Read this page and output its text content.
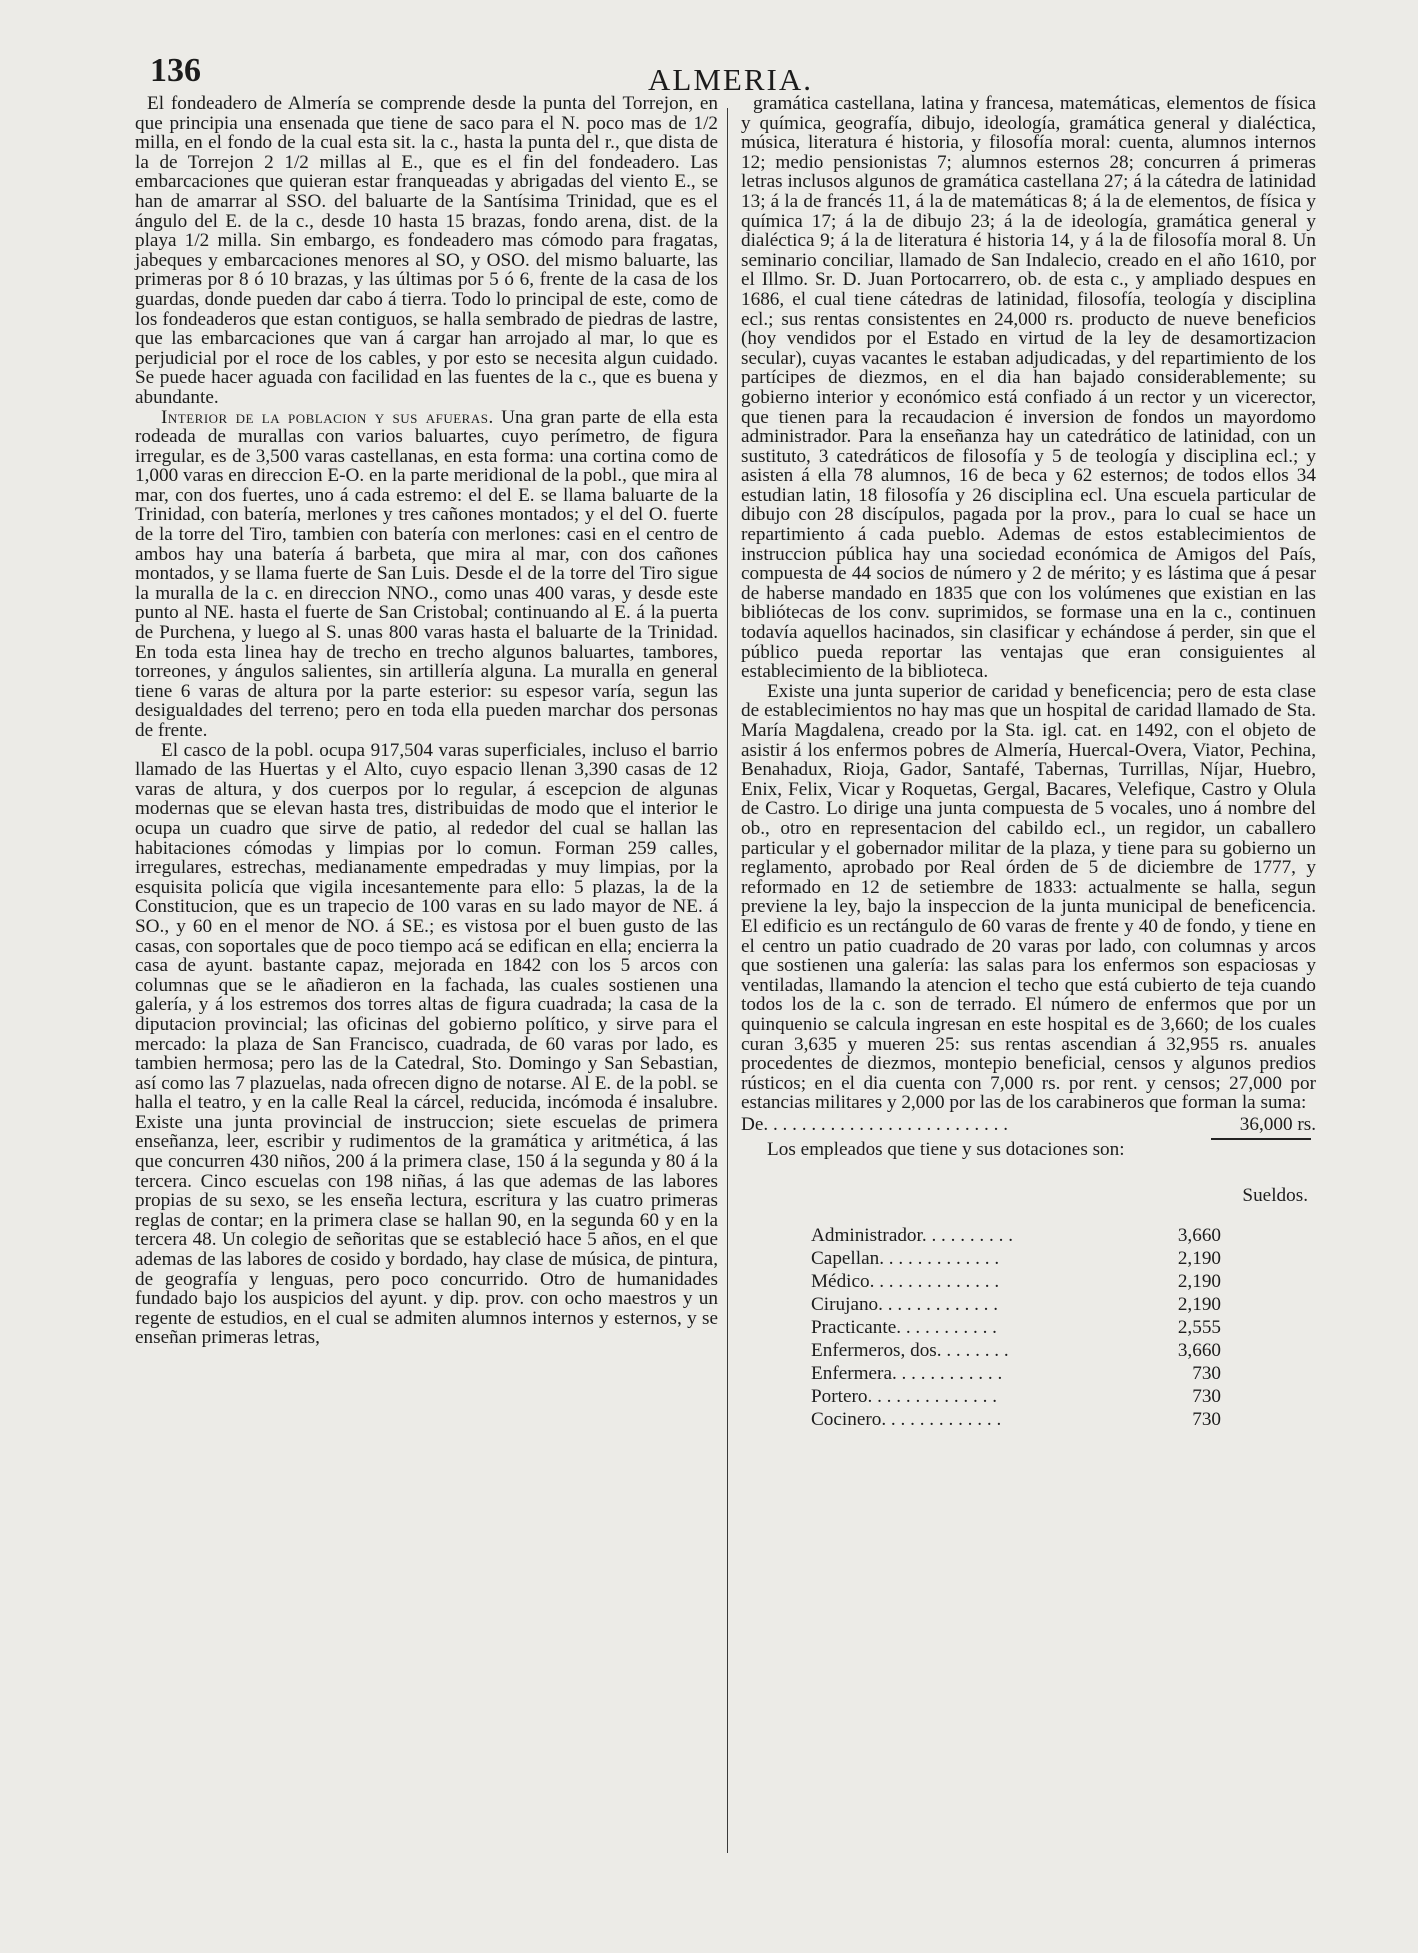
136	ALMERIA.

El fondeadero de Almería se comprende desde la punta del Torrejon, en que principia una ensenada que tiene de saco para el N. poco mas de 1/2 milla, en el fondo de la cual esta sit. la c., hasta la punta del r., que dista de la de Torrejon 2 1/2 millas al E., que es el fin del fondeadero. Las embarcaciones que quieran estar franqueadas y abrigadas del viento E., se han de amarrar al SSO. del baluarte de la Santísima Trinidad, que es el ángulo del E. de la c., desde 10 hasta 15 brazas, fondo arena, dist. de la playa 1/2 milla. Sin embargo, es fondeadero mas cómodo para fragatas, jabeques y embarcaciones menores al SO, y OSO. del mismo baluarte, las primeras por 8 ó 10 brazas, y las últimas por 5 ó 6, frente de la casa de los guardas, donde pueden dar cabo á tierra. Todo lo principal de este, como de los fondeaderos que estan contiguos, se halla sembrado de piedras de lastre, que las embarcaciones que van á cargar han arrojado al mar, lo que es perjudicial por el roce de los cables, y por esto se necesita algun cuidado. Se puede hacer aguada con facilidad en las fuentes de la c., que es buena y abundante.

Interior de la poblacion y sus afueras. Una gran parte de ella esta rodeada de murallas con varios baluartes, cuyo perímetro, de figura irregular, es de 3,500 varas castellanas, en esta forma: una cortina como de 1,000 varas en direccion E-O. en la parte meridional de la pobl., que mira al mar, con dos fuertes, uno á cada estremo: el del E. se llama baluarte de la Trinidad, con batería, merlones y tres cañones montados; y el del O. fuerte de la torre del Tiro, tambien con batería con merlones: casi en el centro de ambos hay una batería á barbeta, que mira al mar, con dos cañones montados, y se llama fuerte de San Luis. Desde el de la torre del Tiro sigue la muralla de la c. en direccion NNO., como unas 400 varas, y desde este punto al NE. hasta el fuerte de San Cristobal; continuando al E. á la puerta de Purchena, y luego al S. unas 800 varas hasta el baluarte de la Trinidad. En toda esta linea hay de trecho en trecho algunos baluartes, tambores, torreones, y ángulos salientes, sin artillería alguna. La muralla en general tiene 6 varas de altura por la parte esterior: su espesor varía, segun las desigualdades del terreno; pero en toda ella pueden marchar dos personas de frente.

El casco de la pobl. ocupa 917,504 varas superficiales, incluso el barrio llamado de las Huertas y el Alto, cuyo espacio llenan 3,390 casas de 12 varas de altura, y dos cuerpos por lo regular, á escepcion de algunas modernas que se elevan hasta tres, distribuidas de modo que el interior le ocupa un cuadro que sirve de patio, al rededor del cual se hallan las habitaciones cómodas y limpias por lo comun. Forman 259 calles, irregulares, estrechas, medianamente empedradas y muy limpias, por la esquisita policía que vigila incesantemente para ello: 5 plazas, la de la Constitucion, que es un trapecio de 100 varas en su lado mayor de NE. á SO., y 60 en el menor de NO. á SE.; es vistosa por el buen gusto de las casas, con soportales que de poco tiempo acá se edifican en ella; encierra la casa de ayunt. bastante capaz, mejorada en 1842 con los 5 arcos con columnas que se le añadieron en la fachada, las cuales sostienen una galería, y á los estremos dos torres altas de figura cuadrada; la casa de la diputacion provincial; las oficinas del gobierno político, y sirve para el mercado: la plaza de San Francisco, cuadrada, de 60 varas por lado, es tambien hermosa; pero las de la Catedral, Sto. Domingo y San Sebastian, así como las 7 plazuelas, nada ofrecen digno de notarse. Al E. de la pobl. se halla el teatro, y en la calle Real la cárcel, reducida, incómoda é insalubre. Existe una junta provincial de instruccion; siete escuelas de primera enseñanza, leer, escribir y rudimentos de la gramática y aritmética, á las que concurren 430 niños, 200 á la primera clase, 150 á la segunda y 80 á la tercera. Cinco escuelas con 198 niñas, á las que ademas de las labores propias de su sexo, se les enseña lectura, escritura y las cuatro primeras reglas de contar; en la primera clase se hallan 90, en la segunda 60 y en la tercera 48. Un colegio de señoritas que se estableció hace 5 años, en el que ademas de las labores de cosido y bordado, hay clase de música, de pintura, de geografía y lenguas, pero poco concurrido. Otro de humanidades fundado bajo los auspicios del ayunt. y dip. prov. con ocho maestros y un regente de estudios, en el cual se admiten alumnos internos y esternos, y se enseñan primeras letras,

gramática castellana, latina y francesa, matemáticas, elementos de física y química, geografía, dibujo, ideología, gramática general y dialéctica, música, literatura é historia, y filosofía moral: cuenta, alumnos internos 12; medio pensionistas 7; alumnos esternos 28; concurren á primeras letras inclusos algunos de gramática castellana 27; á la cátedra de latinidad 13; á la de francés 11, á la de matemáticas 8; á la de elementos, de física y química 17; á la de dibujo 23; á la de ideología, gramática general y dialéctica 9; á la de literatura é historia 14, y á la de filosofía moral 8. Un seminario conciliar, llamado de San Indalecio, creado en el año 1610, por el Illmo. Sr. D. Juan Portocarrero, ob. de esta c., y ampliado despues en 1686, el cual tiene cátedras de latinidad, filosofía, teología y disciplina ecl.; sus rentas consistentes en 24,000 rs. producto de nueve beneficios (hoy vendidos por el Estado en virtud de la ley de desamortizacion secular), cuyas vacantes le estaban adjudicadas, y del repartimiento de los partícipes de diezmos, en el dia han bajado considerablemente; su gobierno interior y económico está confiado á un rector y un vicerector, que tienen para la recaudacion é inversion de fondos un mayordomo administrador. Para la enseñanza hay un catedrático de latinidad, con un sustituto, 3 catedráticos de filosofía y 5 de teología y disciplina ecl.; y asisten á ella 78 alumnos, 16 de beca y 62 esternos; de todos ellos 34 estudian latin, 18 filosofía y 26 disciplina ecl. Una escuela particular de dibujo con 28 discípulos, pagada por la prov., para lo cual se hace un repartimiento á cada pueblo. Ademas de estos establecimientos de instruccion pública hay una sociedad económica de Amigos del País, compuesta de 44 socios de número y 2 de mérito; y es lástima que á pesar de haberse mandado en 1835 que con los volúmenes que existian en las bibliótecas de los conv. suprimidos, se formase una en la c., continuen todavía aquellos hacinados, sin clasificar y echándose á perder, sin que el público pueda reportar las ventajas que eran consiguientes al establecimiento de la biblioteca.

Existe una junta superior de caridad y beneficencia; pero de esta clase de establecimientos no hay mas que un hospital de caridad llamado de Sta. María Magdalena, creado por la Sta. igl. cat. en 1492, con el objeto de asistir á los enfermos pobres de Almería, Huercal-Overa, Viator, Pechina, Benahadux, Rioja, Gador, Santafé, Tabernas, Turrillas, Níjar, Huebro, Enix, Felix, Vicar y Roquetas, Gergal, Bacares, Velefique, Castro y Olula de Castro. Lo dirige una junta compuesta de 5 vocales, uno á nombre del ob., otro en representacion del cabildo ecl., un regidor, un caballero particular y el gobernador militar de la plaza, y tiene para su gobierno un reglamento, aprobado por Real órden de 5 de diciembre de 1777, y reformado en 12 de setiembre de 1833: actualmente se halla, segun previene la ley, bajo la inspeccion de la junta municipal de beneficencia. El edificio es un rectángulo de 60 varas de frente y 40 de fondo, y tiene en el centro un patio cuadrado de 20 varas por lado, con columnas y arcos que sostienen una galería: las salas para los enfermos son espaciosas y ventiladas, llamando la atencion el techo que está cubierto de teja cuando todos los de la c. son de terrado. El número de enfermos que por un quinquenio se calcula ingresan en este hospital es de 3,660; de los cuales curan 3,635 y mueren 25: sus rentas ascendian á 32,955 rs. anuales procedentes de diezmos, montepio beneficial, censos y algunos predios rústicos; en el dia cuenta con 7,000 rs. por rent. y censos; 27,000 por estancias militares y 2,000 por las de los carabineros que forman la suma:

De. . . . . . . . . . . . . . . . . . . . . . . . . .	36,000 rs.

Los empleados que tiene y sus dotaciones son:

Sueldos.
Administrador. . . . . . . . . .	3,660
Capellan. . . . . . . . . . . . .	2,190
Médico. . . . . . . . . . . . . .	2,190
Cirujano. . . . . . . . . . . . .	2,190
Practicante. . . . . . . . . . .	2,555
Enfermeros, dos. . . . . . . .	3,660
Enfermera. . . . . . . . . . . .	730
Portero. . . . . . . . . . . . . .	730
Cocinero. . . . . . . . . . . . .	730
